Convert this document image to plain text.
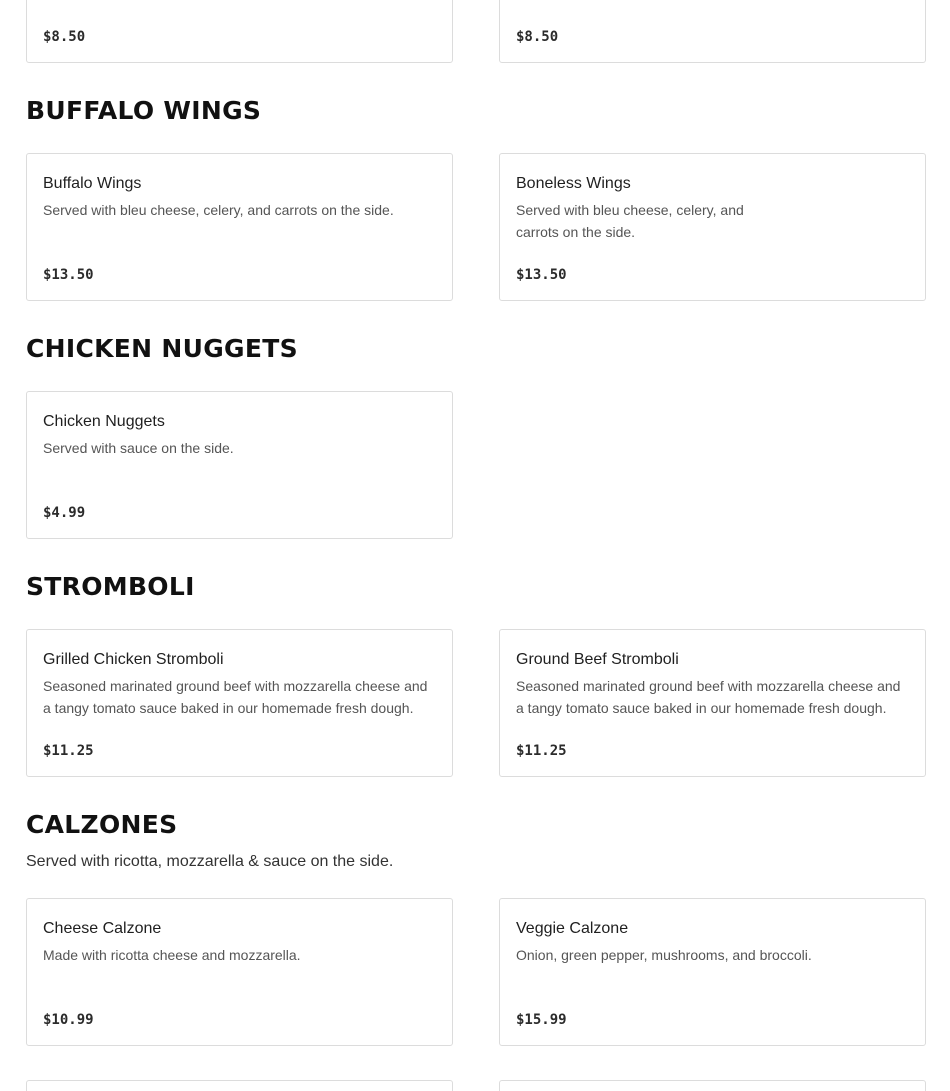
$8.50	$8.50
BUFFALO WINGS
Buffalo Wings
Served with bleu cheese, celery, and carrots on the side.
$13.50
Boneless Wings
Served with bleu cheese, celery, and carrots on the side.
$13.50
CHICKEN NUGGETS
Chicken Nuggets
Served with sauce on the side.
$4.99
STROMBOLI
Grilled Chicken Stromboli
Seasoned marinated ground beef with mozzarella cheese and a tangy tomato sauce baked in our homemade fresh dough.
$11.25
Ground Beef Stromboli
Seasoned marinated ground beef with mozzarella cheese and a tangy tomato sauce baked in our homemade fresh dough.
$11.25
CALZONES

Served with ricotta, mozzarella & sauce on the side.

Cheese Calzone
Made with ricotta cheese and mozzarella.
$10.99
Veggie Calzone
Onion, green pepper, mushrooms, and broccoli.
$15.99
